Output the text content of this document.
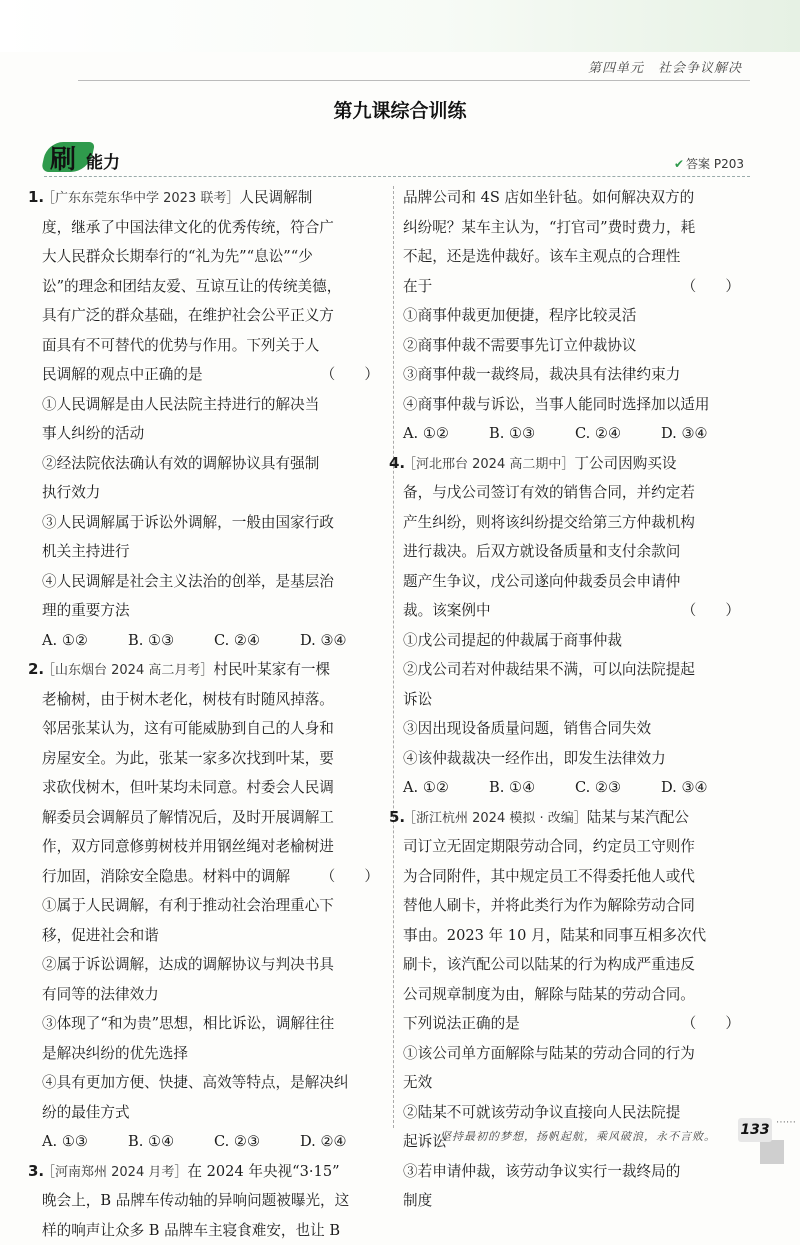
第四单元　社会争议解决
第九课综合训练
刷 能力	✔ 答案 P203
1.
［广东东莞东华中学 2023 联考］人民调解制
度，继承了中国法律文化的优秀传统，符合广
大人民群众长期奉行的“礼为先”“息讼”“少
讼”的理念和团结友爱、互谅互让的传统美德，
具有广泛的群众基础，在维护社会公平正义方
面具有不可替代的优势与作用。下列关于人
民调解的观点中正确的是	（　　）
①人民调解是由人民法院主持进行的解决当
事人纠纷的活动
②经法院依法确认有效的调解协议具有强制
执行效力
③人民调解属于诉讼外调解，一般由国家行政
机关主持进行
④人民调解是社会主义法治的创举，是基层治
理的重要方法
A. ①②	B. ①③	C. ②④	D. ③④
2.
［山东烟台 2024 高二月考］村民叶某家有一棵
老榆树，由于树木老化，树枝有时随风掉落。
邻居张某认为，这有可能威胁到自己的人身和
房屋安全。为此，张某一家多次找到叶某，要
求砍伐树木，但叶某均未同意。村委会人民调
解委员会调解员了解情况后，及时开展调解工
作，双方同意修剪树枝并用钢丝绳对老榆树进
行加固，消除安全隐患。材料中的调解 （　　）
①属于人民调解，有利于推动社会治理重心下
移，促进社会和谐
②属于诉讼调解，达成的调解协议与判决书具
有同等的法律效力
③体现了“和为贵”思想，相比诉讼，调解往往
是解决纠纷的优先选择
④具有更加方便、快捷、高效等特点，是解决纠
纷的最佳方式
A. ①③	B. ①④	C. ②③	D. ②④
3.
［河南郑州 2024 月考］在 2024 年央视“3·15”
晚会上，B 品牌车传动轴的异响问题被曝光，这
样的响声让众多 B 品牌车主寝食难安，也让 B
品牌公司和 4S 店如坐针毡。如何解决双方的
纠纷呢？某车主认为，“打官司”费时费力，耗
不起，还是选仲裁好。该车主观点的合理性
在于	（　　）
①商事仲裁更加便捷，程序比较灵活
②商事仲裁不需要事先订立仲裁协议
③商事仲裁一裁终局，裁决具有法律约束力
④商事仲裁与诉讼，当事人能同时选择加以适用
A. ①②	B. ①③	C. ②④	D. ③④
4.
［河北邢台 2024 高二期中］丁公司因购买设
备，与戊公司签订有效的销售合同，并约定若
产生纠纷，则将该纠纷提交给第三方仲裁机构
进行裁决。后双方就设备质量和支付余款问
题产生争议，戊公司遂向仲裁委员会申请仲
裁。该案例中	（　　）
①戊公司提起的仲裁属于商事仲裁
②戊公司若对仲裁结果不满，可以向法院提起
诉讼
③因出现设备质量问题，销售合同失效
④该仲裁裁决一经作出，即发生法律效力
A. ①②	B. ①④	C. ②③	D. ③④
5.
［浙江杭州 2024 模拟 · 改编］陆某与某汽配公
司订立无固定期限劳动合同，约定员工守则作
为合同附件，其中规定员工不得委托他人或代
替他人刷卡，并将此类行为作为解除劳动合同
事由。2023 年 10 月，陆某和同事互相多次代
刷卡，该汽配公司以陆某的行为构成严重违反
公司规章制度为由，解除与陆某的劳动合同。
下列说法正确的是	（　　）
①该公司单方面解除与陆某的劳动合同的行为
无效
②陆某不可就该劳动争议直接向人民法院提
起诉讼
③若申请仲裁，该劳动争议实行一裁终局的
制度
坚持最初的梦想，扬帆起航，乘风破浪，永不言败。 133 ⋯⋯
